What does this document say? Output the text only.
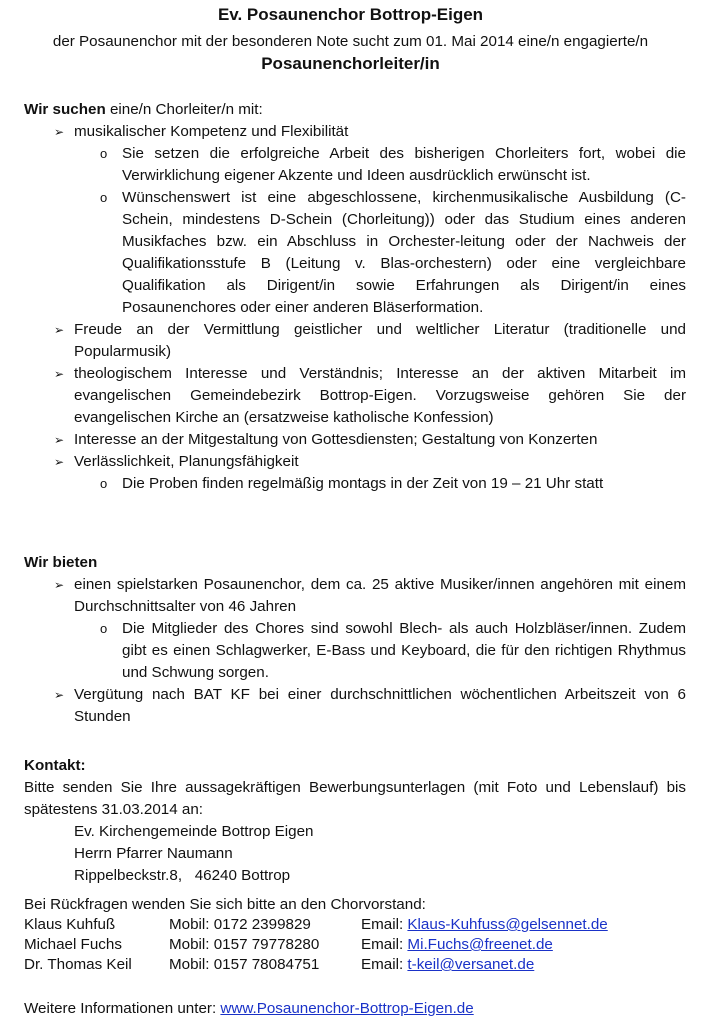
Ev. Posaunenchor Bottrop-Eigen
der Posaunenchor mit der besonderen Note sucht zum 01. Mai 2014 eine/n engagierte/n
Posaunenchorleiter/in
Wir suchen eine/n Chorleiter/n mit:
➢ musikalischer Kompetenz und Flexibilität
o Sie setzen die erfolgreiche Arbeit des bisherigen Chorleiters fort, wobei die Verwirklichung eigener Akzente und Ideen ausdrücklich erwünscht ist.
o Wünschenswert ist eine abgeschlossene, kirchenmusikalische Ausbildung (C-Schein, mindestens D-Schein (Chorleitung)) oder das Studium eines anderen Musikfaches bzw. ein Abschluss in Orchester-leitung oder der Nachweis der Qualifikationsstufe B (Leitung v. Blas-orchestern) oder eine vergleichbare Qualifikation als Dirigent/in sowie Erfahrungen als Dirigent/in eines Posaunenchores oder einer anderen Bläserformation.
➢ Freude an der Vermittlung geistlicher und weltlicher Literatur (traditionelle und Popularmusik)
➢ theologischem Interesse und Verständnis; Interesse an der aktiven Mitarbeit im evangelischen Gemeindebezirk Bottrop-Eigen. Vorzugsweise gehören Sie der evangelischen Kirche an (ersatzweise katholische Konfession)
➢ Interesse an der Mitgestaltung von Gottesdiensten; Gestaltung von Konzerten
➢ Verlässlichkeit, Planungsfähigkeit
o Die Proben finden regelmäßig montags in der Zeit von 19 – 21 Uhr statt
Wir bieten
➢ einen spielstarken Posaunenchor, dem ca. 25 aktive Musiker/innen angehören mit einem Durchschnittsalter von 46 Jahren
o Die Mitglieder des Chores sind sowohl Blech- als auch Holzbläser/innen. Zudem gibt es einen Schlagwerker, E-Bass und Keyboard, die für den richtigen Rhythmus und Schwung sorgen.
➢ Vergütung nach BAT KF bei einer durchschnittlichen wöchentlichen Arbeitszeit von 6 Stunden
Kontakt:
Bitte senden Sie Ihre aussagekräftigen Bewerbungsunterlagen (mit Foto und Lebenslauf) bis spätestens 31.03.2014 an:
Ev. Kirchengemeinde Bottrop Eigen
Herrn Pfarrer Naumann
Rippelbeckstr.8,   46240 Bottrop
Bei Rückfragen wenden Sie sich bitte an den Chorvorstand:
Klaus Kuhfuß	Mobil: 0172 2399829	Email: Klaus-Kuhfuss@gelsennet.de
Michael Fuchs	Mobil: 0157 79778280	Email: Mi.Fuchs@freenet.de
Dr. Thomas Keil	Mobil: 0157 78084751	Email: t-keil@versanet.de
Weitere Informationen unter: www.Posaunenchor-Bottrop-Eigen.de
